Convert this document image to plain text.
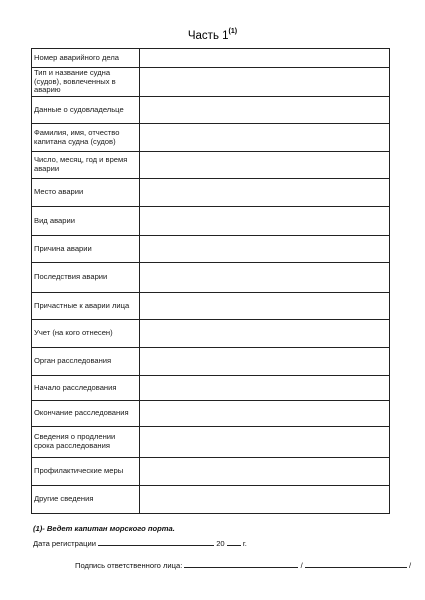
Часть 1$^{(1)}$
Номер аварийного дела	
Тип и название судна (судов), вовлеченных в аварию	
Данные о судовладельце	
Фамилия, имя, отчество капитана судна (судов)	
Число, месяц, год и время аварии	
Место аварии	
Вид аварии	
Причина аварии	
Последствия аварии	
Причастные к аварии лица	
Учет (на кого отнесен)	
Орган расследования	
Начало расследования	
Окончание расследования	
Сведения о продлении срока расследования	
Профилактические меры	
Другие сведения	
(1)- Ведет капитан морского порта.
Дата регистрации	20 г.
Подпись ответственного лица:	/	/
